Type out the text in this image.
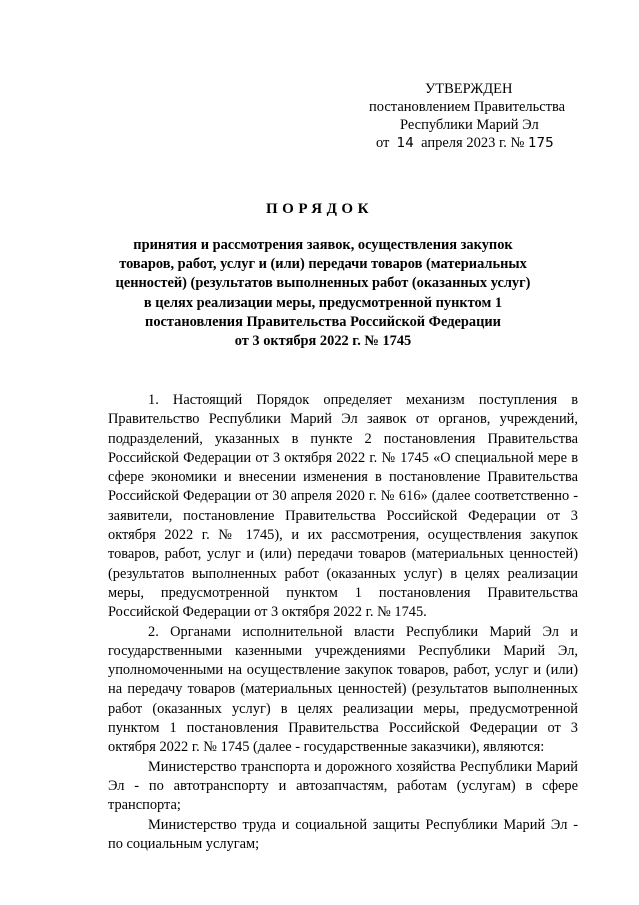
УТВЕРЖДЕН
постановлением Правительства
Республики Марий Эл
от 14 апреля 2023 г. № 175
ПОРЯДОК
принятия и рассмотрения заявок, осуществления закупок
товаров, работ, услуг и (или) передачи товаров (материальных
ценностей) (результатов выполненных работ (оказанных услуг)
в целях реализации меры, предусмотренной пунктом 1
постановления Правительства Российской Федерации
от 3 октября 2022 г. № 1745

1. Настоящий Порядок определяет механизм поступления в Правительство Республики Марий Эл заявок от органов, учреждений, подразделений, указанных в пункте 2 постановления Правительства Российской Федерации от 3 октября 2022 г. № 1745 «О специальной мере в сфере экономики и внесении изменения в постановление Правительства Российской Федерации от 30 апреля 2020 г. № 616» (далее соответственно - заявители, постановление Правительства Российской Федерации от 3 октября 2022 г. № 1745), и их рассмотрения, осуществления закупок товаров, работ, услуг и (или) передачи товаров (материальных ценностей) (результатов выполненных работ (оказанных услуг) в целях реализации меры, предусмотренной пунктом 1 постановления Правительства Российской Федерации от 3 октября 2022 г. № 1745.

2. Органами исполнительной власти Республики Марий Эл и государственными казенными учреждениями Республики Марий Эл, уполномоченными на осуществление закупок товаров, работ, услуг и (или) на передачу товаров (материальных ценностей) (результатов выполненных работ (оказанных услуг) в целях реализации меры, предусмотренной пунктом 1 постановления Правительства Российской Федерации от 3 октября 2022 г. № 1745 (далее - государственные заказчики), являются:

Министерство транспорта и дорожного хозяйства Республики Марий Эл - по автотранспорту и автозапчастям, работам (услугам) в сфере транспорта;

Министерство труда и социальной защиты Республики Марий Эл - по социальным услугам;
